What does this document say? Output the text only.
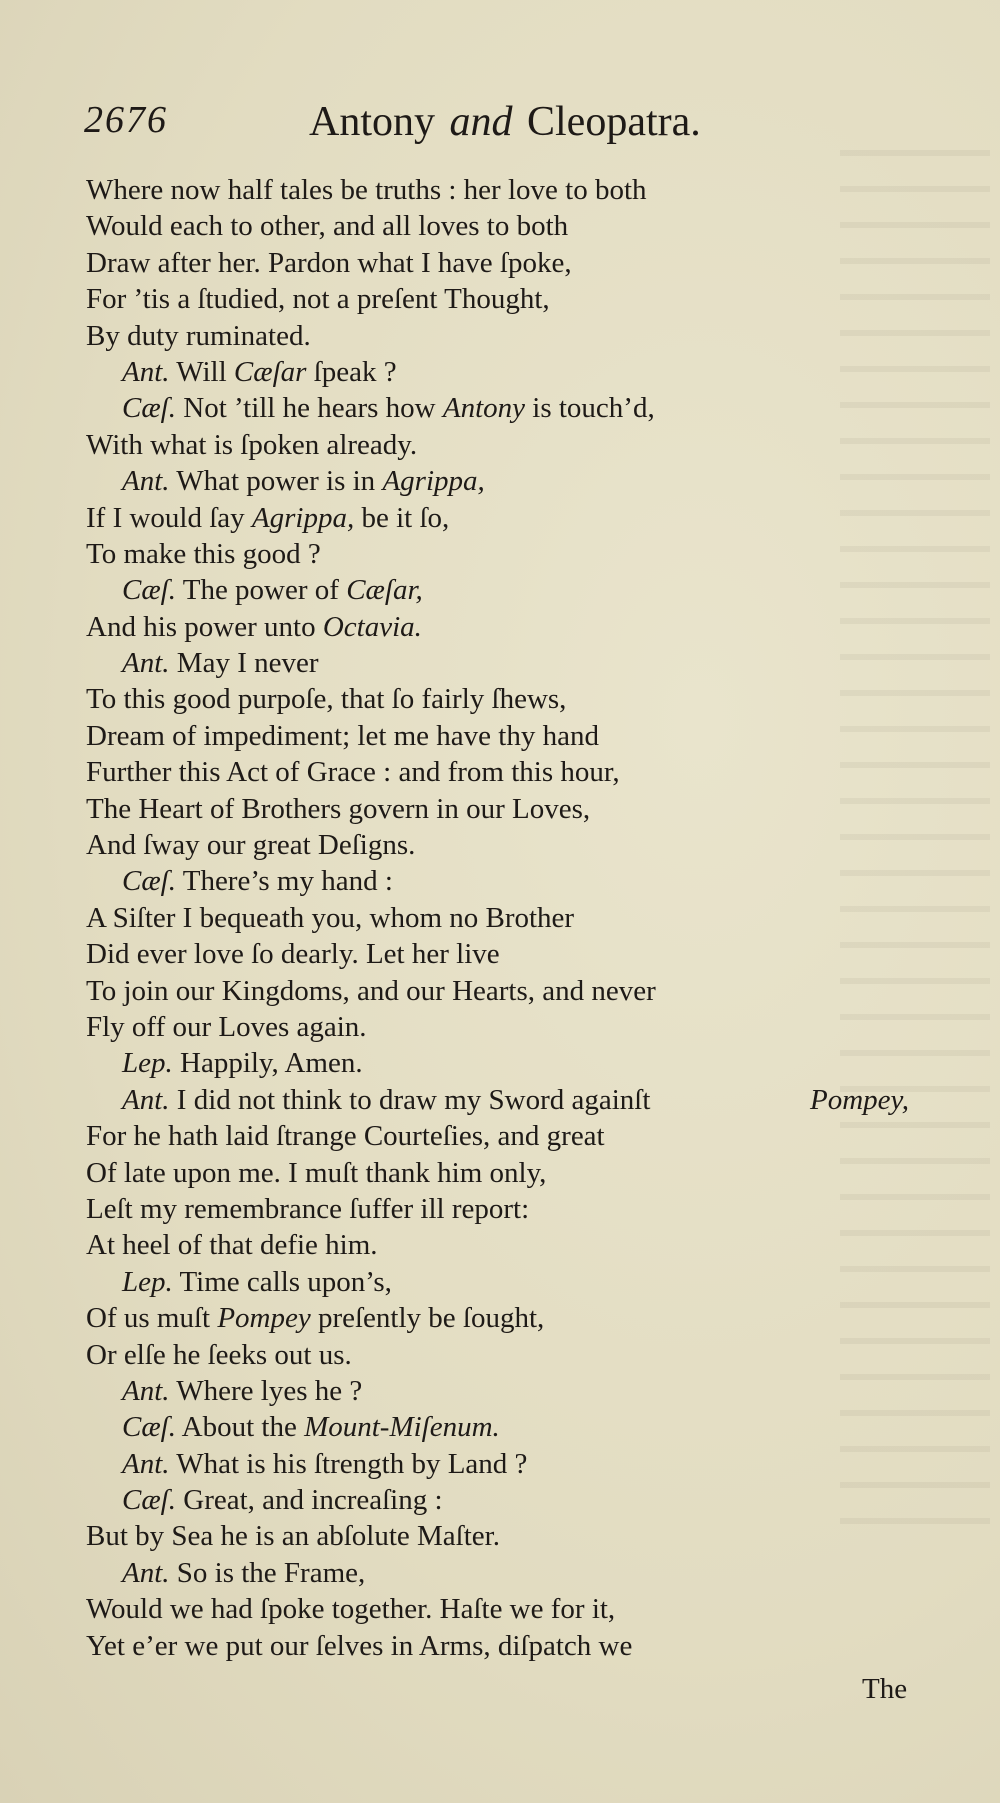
2676	Antony and Cleopatra.
Where now half tales be truths : her love to both
Would each to other, and all loves to both
Draw after her. Pardon what I have ſpoke,
For ’tis a ſtudied, not a preſent Thought,
By duty ruminated.
Ant. Will Cæſar ſpeak ?
Cæſ. Not ’till he hears how Antony is touch’d,
With what is ſpoken already.
Ant. What power is in Agrippa,
If I would ſay Agrippa, be it ſo,
To make this good ?
Cæſ. The power of Cæſar,
And his power unto Octavia.
Ant. May I never
To this good purpoſe, that ſo fairly ſhews,
Dream of impediment; let me have thy hand
Further this Act of Grace : and from this hour,
The Heart of Brothers govern in our Loves,
And ſway our great Deſigns.
Cæſ. There’s my hand :
A Siſter I bequeath you, whom no Brother
Did ever love ſo dearly. Let her live
To join our Kingdoms, and our Hearts, and never
Fly off our Loves again.
Lep. Happily, Amen.
Ant. I did not think to draw my Sword againſt	Pompey,
For he hath laid ſtrange Courteſies, and great
Of late upon me. I muſt thank him only,
Leſt my remembrance ſuffer ill report:
At heel of that defie him.
Lep. Time calls upon’s,
Of us muſt Pompey preſently be ſought,
Or elſe he ſeeks out us.
Ant. Where lyes he ?
Cæſ. About the Mount-Miſenum.
Ant. What is his ſtrength by Land ?
Cæſ. Great, and increaſing :
But by Sea he is an abſolute Maſter.
Ant. So is the Frame,
Would we had ſpoke together. Haſte we for it,
Yet e’er we put our ſelves in Arms, diſpatch we
The
